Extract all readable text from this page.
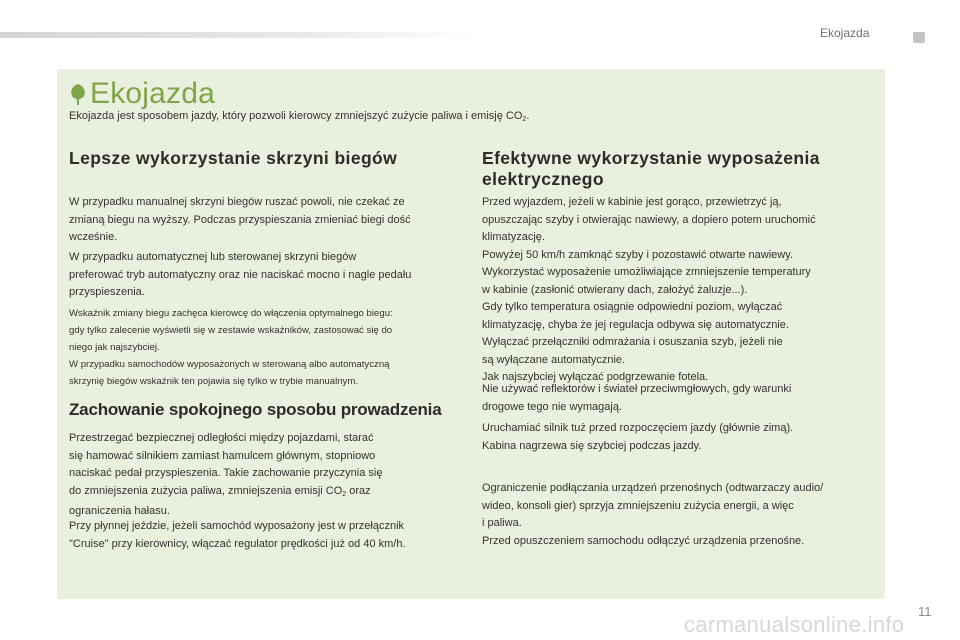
Ekojazda
Ekojazda
Ekojazda jest sposobem jazdy, który pozwoli kierowcy zmniejszyć zużycie paliwa i emisję $CO_2$.
Lepsze wykorzystanie skrzyni biegów

W przypadku manualnej skrzyni biegów ruszać powoli, nie czekać ze
zmianą biegu na wyższy. Podczas przyspieszania zmieniać biegi dość
wcześnie.

W przypadku automatycznej lub sterowanej skrzyni biegów
preferować tryb automatyczny oraz nie naciskać mocno i nagle pedału
przyspieszenia.

Wskaźnik zmiany biegu zachęca kierowcę do włączenia optymalnego biegu:
gdy tylko zalecenie wyświetli się w zestawie wskaźników, zastosować się do
niego jak najszybciej.
W przypadku samochodów wyposażonych w sterowaną albo automatyczną
skrzynię biegów wskaźnik ten pojawia się tylko w trybie manualnym.

Zachowanie spokojnego sposobu prowadzenia

Przestrzegać bezpiecznej odległości między pojazdami, starać
się hamować silnikiem zamiast hamulcem głównym, stopniowo
naciskać pedał przyspieszenia. Takie zachowanie przyczynia się
do zmniejszenia zużycia paliwa, zmniejszenia emisji $CO_2$ oraz
ograniczenia hałasu.

Przy płynnej jeździe, jeżeli samochód wyposażony jest w przełącznik
"Cruise" przy kierownicy, włączać regulator prędkości już od 40 km/h.

Efektywne wykorzystanie wyposażenia
elektrycznego

Przed wyjazdem, jeżeli w kabinie jest gorąco, przewietrzyć ją,
opuszczając szyby i otwierając nawiewy, a dopiero potem uruchomić
klimatyzację.
Powyżej 50 km/h zamknąć szyby i pozostawić otwarte nawiewy.
Wykorzystać wyposażenie umożliwiające zmniejszenie temperatury
w kabinie (zasłonić otwierany dach, założyć żaluzje...).
Gdy tylko temperatura osiągnie odpowiedni poziom, wyłączać
klimatyzację, chyba że jej regulacja odbywa się automatycznie.
Wyłączać przełączniki odmrażania i osuszania szyb, jeżeli nie
są wyłączane automatycznie.
Jak najszybciej wyłączać podgrzewanie fotela.

Nie używać reflektorów i świateł przeciwmgłowych, gdy warunki
drogowe tego nie wymagają.

Uruchamiać silnik tuż przed rozpoczęciem jazdy (głównie zimą).
Kabina nagrzewa się szybciej podczas jazdy.

Ograniczenie podłączania urządzeń przenośnych (odtwarzaczy audio/
wideo, konsoli gier) sprzyja zmniejszeniu zużycia energii, a więc
i paliwa.
Przed opuszczeniem samochodu odłączyć urządzenia przenośne.

11
carmanualsonline.info
